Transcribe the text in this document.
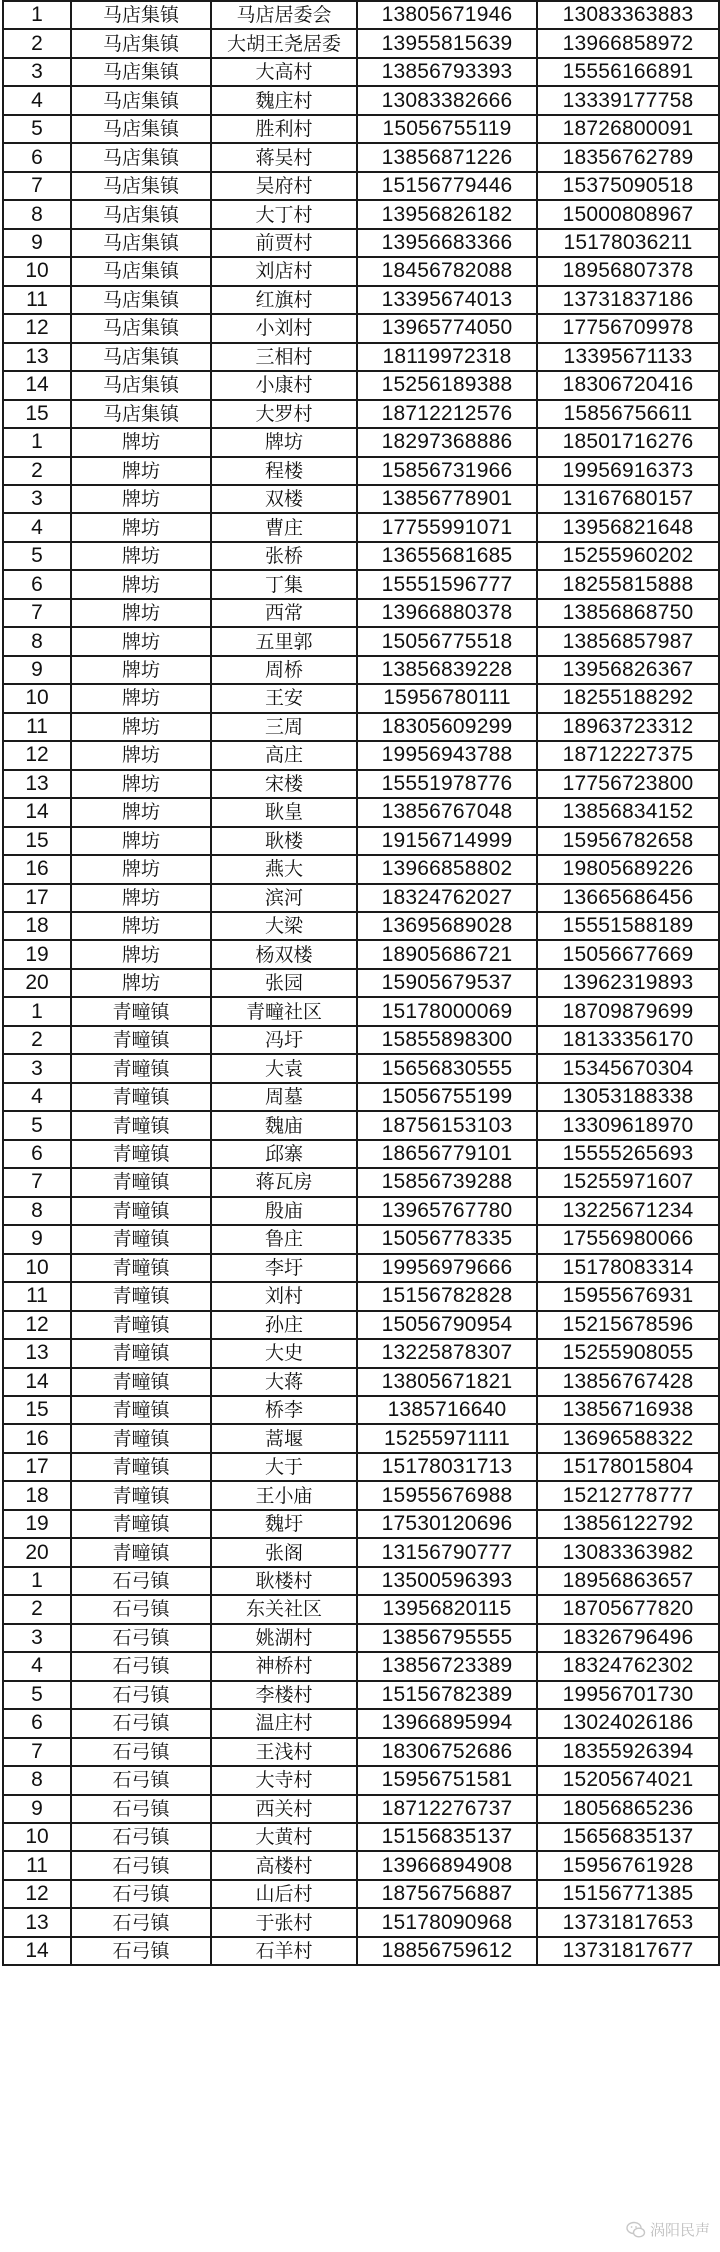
1	马店集镇	马店居委会	13805671946	13083363883
2	马店集镇	大胡王尧居委	13955815639	13966858972
3	马店集镇	大高村	13856793393	15556166891
4	马店集镇	魏庄村	13083382666	13339177758
5	马店集镇	胜利村	15056755119	18726800091
6	马店集镇	蒋吴村	13856871226	18356762789
7	马店集镇	吴府村	15156779446	15375090518
8	马店集镇	大丁村	13956826182	15000808967
9	马店集镇	前贾村	13956683366	15178036211
10	马店集镇	刘店村	18456782088	18956807378
11	马店集镇	红旗村	13395674013	13731837186
12	马店集镇	小刘村	13965774050	17756709978
13	马店集镇	三相村	18119972318	13395671133
14	马店集镇	小康村	15256189388	18306720416
15	马店集镇	大罗村	18712212576	15856756611
1	牌坊	牌坊	18297368886	18501716276
2	牌坊	程楼	15856731966	19956916373
3	牌坊	双楼	13856778901	13167680157
4	牌坊	曹庄	17755991071	13956821648
5	牌坊	张桥	13655681685	15255960202
6	牌坊	丁集	15551596777	18255815888
7	牌坊	西常	13966880378	13856868750
8	牌坊	五里郭	15056775518	13856857987
9	牌坊	周桥	13856839228	13956826367
10	牌坊	王安	15956780111	18255188292
11	牌坊	三周	18305609299	18963723312
12	牌坊	高庄	19956943788	18712227375
13	牌坊	宋楼	15551978776	17756723800
14	牌坊	耿皇	13856767048	13856834152
15	牌坊	耿楼	19156714999	15956782658
16	牌坊	燕大	13966858802	19805689226
17	牌坊	滨河	18324762027	13665686456
18	牌坊	大梁	13695689028	15551588189
19	牌坊	杨双楼	18905686721	15056677669
20	牌坊	张园	15905679537	13962319893
1	青疃镇	青疃社区	15178000069	18709879699
2	青疃镇	冯圩	15855898300	18133356170
3	青疃镇	大袁	15656830555	15345670304
4	青疃镇	周墓	15056755199	13053188338
5	青疃镇	魏庙	18756153103	13309618970
6	青疃镇	邱寨	18656779101	15555265693
7	青疃镇	蒋瓦房	15856739288	15255971607
8	青疃镇	殷庙	13965767780	13225671234
9	青疃镇	鲁庄	15056778335	17556980066
10	青疃镇	李圩	19956979666	15178083314
11	青疃镇	刘村	15156782828	15955676931
12	青疃镇	孙庄	15056790954	15215678596
13	青疃镇	大史	13225878307	15255908055
14	青疃镇	大蒋	13805671821	13856767428
15	青疃镇	桥李	1385716640	13856716938
16	青疃镇	蒿堰	15255971111	13696588322
17	青疃镇	大于	15178031713	15178015804
18	青疃镇	王小庙	15955676988	15212778777
19	青疃镇	魏圩	17530120696	13856122792
20	青疃镇	张阁	13156790777	13083363982
1	石弓镇	耿楼村	13500596393	18956863657
2	石弓镇	东关社区	13956820115	18705677820
3	石弓镇	姚湖村	13856795555	18326796496
4	石弓镇	神桥村	13856723389	18324762302
5	石弓镇	李楼村	15156782389	19956701730
6	石弓镇	温庄村	13966895994	13024026186
7	石弓镇	王浅村	18306752686	18355926394
8	石弓镇	大寺村	15956751581	15205674021
9	石弓镇	西关村	18712276737	18056865236
10	石弓镇	大黄村	15156835137	15656835137
11	石弓镇	高楼村	13966894908	15956761928
12	石弓镇	山后村	18756756887	15156771385
13	石弓镇	于张村	15178090968	13731817653
14	石弓镇	石羊村	18856759612	13731817677
涡阳民声
